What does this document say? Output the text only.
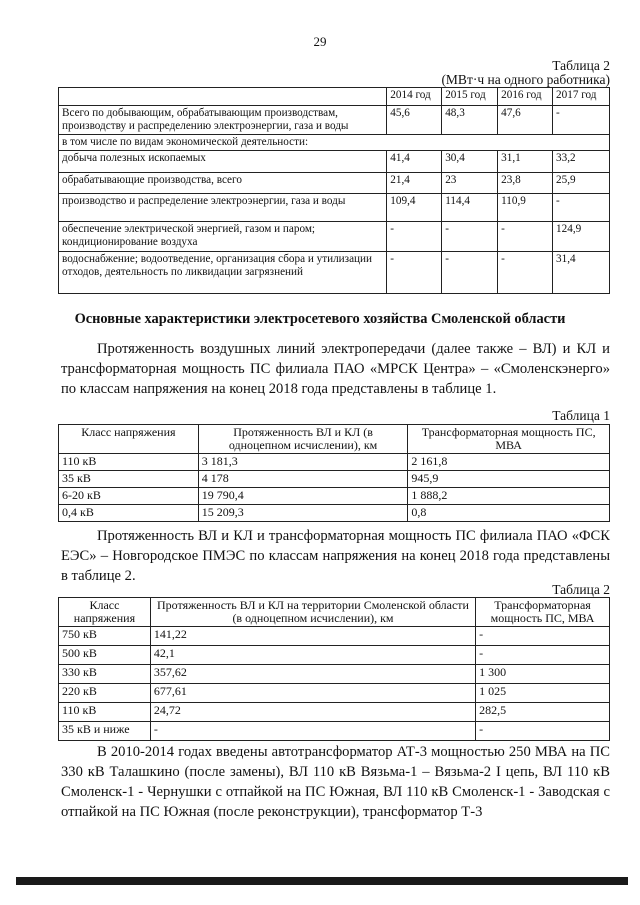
29
Таблица 2
(МВт·ч на одного работника)
	2014 год	2015 год	2016 год	2017 год
Всего по добывающим, обрабатывающим производствам, производству и распределению электроэнергии, газа и воды	45,6	48,3	47,6	-
в том числе по видам экономической деятельности:				
добыча полезных ископаемых	41,4	30,4	31,1	33,2
обрабатывающие производства, всего	21,4	23	23,8	25,9
производство и распределение электроэнергии, газа и воды	109,4	114,4	110,9	-
обеспечение электрической энергией, газом и паром; кондиционирование воздуха	-	-	-	124,9
водоснабжение; водоотведение, организация сбора и утилизации отходов, деятельность по ликвидации загрязнений	-	-	-	31,4
Основные характеристики электросетевого хозяйства Смоленской области
Протяженность воздушных линий электропередачи (далее также – ВЛ) и КЛ и трансформаторная мощность ПС филиала ПАО «МРСК Центра» – «Смоленскэнерго» по классам напряжения на конец 2018 года представлены в таблице 1.
Таблица 1
Класс напряжения	Протяженность ВЛ и КЛ (в одноцепном исчислении), км	Трансформаторная мощность ПС, МВА
110 кВ	3 181,3	2 161,8
35 кВ	4 178	945,9
6-20 кВ	19 790,4	1 888,2
0,4 кВ	15 209,3	0,8
Протяженность ВЛ и КЛ и трансформаторная мощность ПС филиала ПАО «ФСК ЕЭС» – Новгородское ПМЭС по классам напряжения на конец 2018 года представлены в таблице 2.
Таблица 2
Класс напряжения	Протяженность ВЛ и КЛ на территории Смоленской области (в одноцепном исчислении), км	Трансформаторная мощность ПС, МВА
750 кВ	141,22	-
500 кВ	42,1	-
330 кВ	357,62	1 300
220 кВ	677,61	1 025
110 кВ	24,72	282,5
35 кВ и ниже	-	-
В 2010-2014 годах введены автотрансформатор АТ-3 мощностью 250 МВА на ПС 330 кВ Талашкино (после замены), ВЛ 110 кВ Вязьма-1 – Вязьма-2 I цепь, ВЛ 110 кВ Смоленск-1 - Чернушки с отпайкой на ПС Южная, ВЛ 110 кВ Смоленск-1 - Заводская с отпайкой на ПС Южная (после реконструкции), трансформатор Т-3
